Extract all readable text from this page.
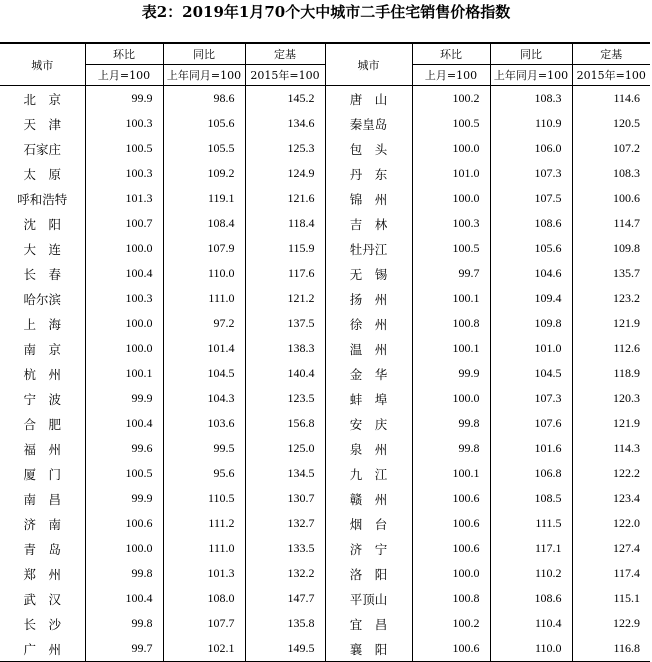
表2：2019年1月70个大中城市二手住宅销售价格指数
城市	环比	同比	定基	城市	环比	同比	定基
	上月=100	上年同月=100	2015年=100		上月=100	上年同月=100	2015年=100
北　京	99.9	98.6	145.2	唐　山	100.2	108.3	114.6
天　津	100.3	105.6	134.6	秦皇岛	100.5	110.9	120.5
石家庄	100.5	105.5	125.3	包　头	100.0	106.0	107.2
太　原	100.3	109.2	124.9	丹　东	101.0	107.3	108.3
呼和浩特	101.3	119.1	121.6	锦　州	100.0	107.5	100.6
沈　阳	100.7	108.4	118.4	吉　林	100.3	108.6	114.7
大　连	100.0	107.9	115.9	牡丹江	100.5	105.6	109.8
长　春	100.4	110.0	117.6	无　锡	99.7	104.6	135.7
哈尔滨	100.3	111.0	121.2	扬　州	100.1	109.4	123.2
上　海	100.0	97.2	137.5	徐　州	100.8	109.8	121.9
南　京	100.0	101.4	138.3	温　州	100.1	101.0	112.6
杭　州	100.1	104.5	140.4	金　华	99.9	104.5	118.9
宁　波	99.9	104.3	123.5	蚌　埠	100.0	107.3	120.3
合　肥	100.4	103.6	156.8	安　庆	99.8	107.6	121.9
福　州	99.6	99.5	125.0	泉　州	99.8	101.6	114.3
厦　门	100.5	95.6	134.5	九　江	100.1	106.8	122.2
南　昌	99.9	110.5	130.7	赣　州	100.6	108.5	123.4
济　南	100.6	111.2	132.7	烟　台	100.6	111.5	122.0
青　岛	100.0	111.0	133.5	济　宁	100.6	117.1	127.4
郑　州	99.8	101.3	132.2	洛　阳	100.0	110.2	117.4
武　汉	100.4	108.0	147.7	平顶山	100.8	108.6	115.1
长　沙	99.8	107.7	135.8	宜　昌	100.2	110.4	122.9
广　州	99.7	102.1	149.5	襄　阳	100.6	110.0	116.8
